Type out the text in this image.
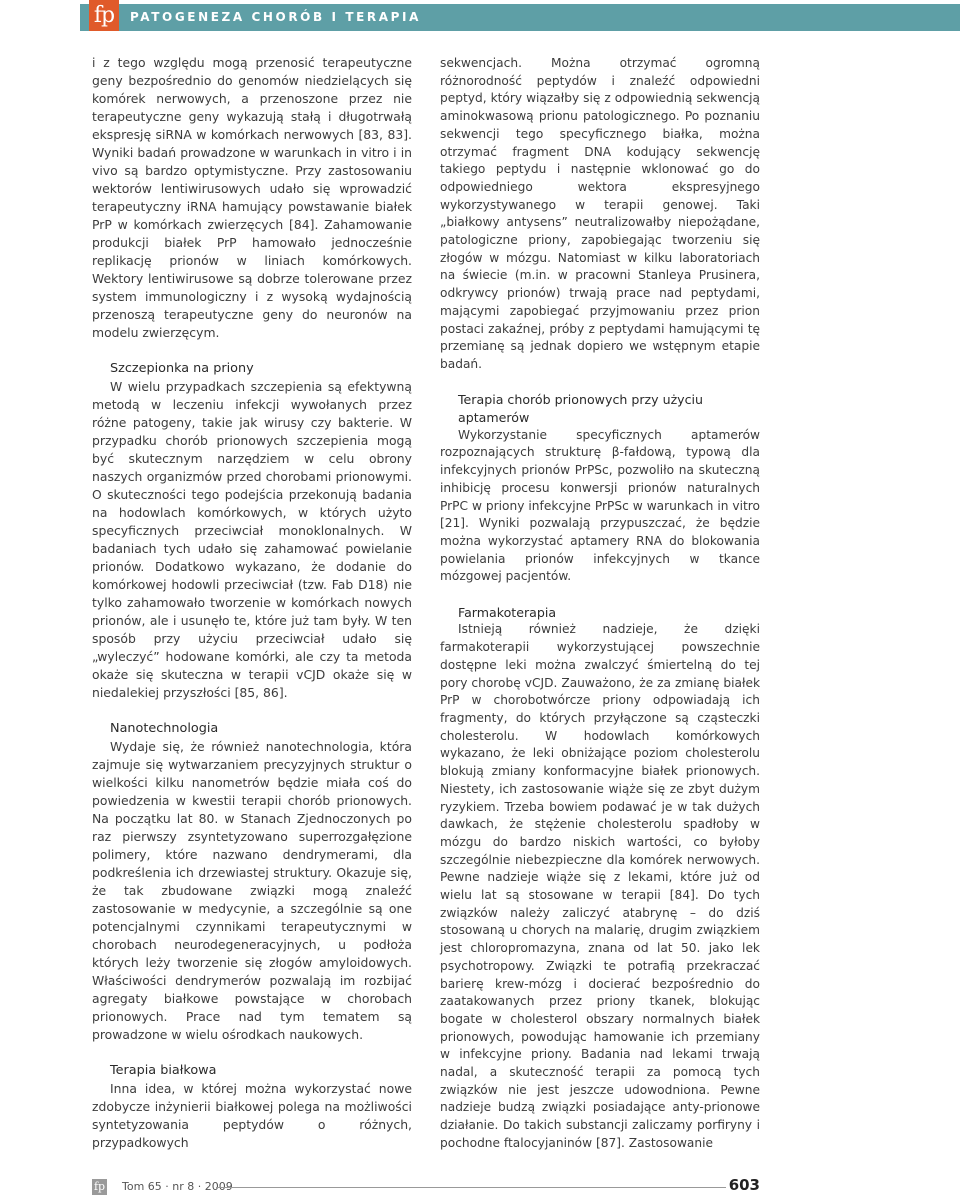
fp	PATOGENEZA CHORÓB I TERAPIA

i z tego względu mogą przenosić terapeutyczne geny bezpośrednio do genomów niedzielących się komórek nerwowych, a przenoszone przez nie terapeutyczne geny wykazują stałą i długotrwałą ekspresję siRNA w komórkach nerwowych [83, 83]. Wyniki badań prowadzone w warunkach in vitro i in vivo są bardzo optymistyczne. Przy zastosowaniu wektorów lentiwirusowych udało się wprowadzić terapeutyczny iRNA hamujący powstawanie białek PrP w komórkach zwierzęcych [84]. Zahamowanie produkcji białek PrP hamowało jednocześnie replikację prionów w liniach komórkowych. Wektory lentiwirusowe są dobrze tolerowane przez system immunologiczny i z wysoką wydajnością przenoszą terapeutyczne geny do neuronów na modelu zwierzęcym.

Szczepionka na priony

W wielu przypadkach szczepienia są efektywną metodą w leczeniu infekcji wywołanych przez różne patogeny, takie jak wirusy czy bakterie. W przypadku chorób prionowych szczepienia mogą być skutecznym narzędziem w celu obrony naszych organizmów przed chorobami prionowymi. O skuteczności tego podejścia przekonują badania na hodowlach komórkowych, w których użyto specyficznych przeciwciał monoklonalnych. W badaniach tych udało się zahamować powielanie prionów. Dodatkowo wykazano, że dodanie do komórkowej hodowli przeciwciał (tzw. Fab D18) nie tylko zahamowało tworzenie w komórkach nowych prionów, ale i usunęło te, które już tam były. W ten sposób przy użyciu przeciwciał udało się „wyleczyć” hodowane komórki, ale czy ta metoda okaże się skuteczna w terapii vCJD okaże się w niedalekiej przyszłości [85, 86].

Nanotechnologia

Wydaje się, że również nanotechnologia, która zajmuje się wytwarzaniem precyzyjnych struktur o wielkości kilku nanometrów będzie miała coś do powiedzenia w kwestii terapii chorób prionowych. Na początku lat 80. w Stanach Zjednoczonych po raz pierwszy zsyntetyzowano superrozgałęzione polimery, które nazwano dendrymerami, dla podkreślenia ich drzewiastej struktury. Okazuje się, że tak zbudowane związki mogą znaleźć zastosowanie w medycynie, a szczególnie są one potencjalnymi czynnikami terapeutycznymi w chorobach neurodegeneracyjnych, u podłoża których leży tworzenie się złogów amyloidowych. Właściwości dendrymerów pozwalają im rozbijać agregaty białkowe powstające w chorobach prionowych. Prace nad tym tematem są prowadzone w wielu ośrodkach naukowych.

Terapia białkowa

Inna idea, w której można wykorzystać nowe zdobycze inżynierii białkowej polega na możliwości syntetyzowania peptydów o różnych, przypadkowych

sekwencjach. Można otrzymać ogromną różnorodność peptydów i znaleźć odpowiedni peptyd, który wiązałby się z odpowiednią sekwencją aminokwasową prionu patologicznego. Po poznaniu sekwencji tego specyficznego białka, można otrzymać fragment DNA kodujący sekwencję takiego peptydu i następnie wklonować go do odpowiedniego wektora ekspresyjnego wykorzystywanego w terapii genowej. Taki „białkowy antysens” neutralizowałby niepożądane, patologiczne priony, zapobiegając tworzeniu się złogów w mózgu. Natomiast w kilku laboratoriach na świecie (m.in. w pracowni Stanleya Prusinera, odkrywcy prionów) trwają prace nad peptydami, mającymi zapobiegać przyjmowaniu przez prion postaci zakaźnej, próby z peptydami hamującymi tę przemianę są jednak dopiero we wstępnym etapie badań.

Terapia chorób prionowych przy użyciu aptamerów

Wykorzystanie specyficznych aptamerów rozpoznających strukturę β-fałdową, typową dla infekcyjnych prionów PrPSc, pozwoliło na skuteczną inhibicję procesu konwersji prionów naturalnych PrPC w priony infekcyjne PrPSc w warunkach in vitro [21]. Wyniki pozwalają przypuszczać, że będzie można wykorzystać aptamery RNA do blokowania powielania prionów infekcyjnych w tkance mózgowej pacjentów.

Farmakoterapia

Istnieją również nadzieje, że dzięki farmakoterapii wykorzystującej powszechnie dostępne leki można zwalczyć śmiertelną do tej pory chorobę vCJD. Zauważono, że za zmianę białek PrP w chorobotwórcze priony odpowiadają ich fragmenty, do których przyłączone są cząsteczki cholesterolu. W hodowlach komórkowych wykazano, że leki obniżające poziom cholesterolu blokują zmiany konformacyjne białek prionowych. Niestety, ich zastosowanie wiąże się ze zbyt dużym ryzykiem. Trzeba bowiem podawać je w tak dużych dawkach, że stężenie cholesterolu spadłoby w mózgu do bardzo niskich wartości, co byłoby szczególnie niebezpieczne dla komórek nerwowych. Pewne nadzieje wiąże się z lekami, które już od wielu lat są stosowane w terapii [84]. Do tych związków należy zaliczyć atabrynę – do dziś stosowaną u chorych na malarię, drugim związkiem jest chloropromazyna, znana od lat 50. jako lek psychotropowy. Związki te potrafią przekraczać barierę krew-mózg i docierać bezpośrednio do zaatakowanych przez priony tkanek, blokując bogate w cholesterol obszary normalnych białek prionowych, powodując hamowanie ich przemiany w infekcyjne priony. Badania nad lekami trwają nadal, a skuteczność terapii za pomocą tych związków nie jest jeszcze udowodniona. Pewne nadzieje budzą związki posiadające anty-prionowe działanie. Do takich substancji zaliczamy porfiryny i pochodne ftalocyjaninów [87]. Zastosowanie

fp Tom 65 · nr 8 · 2009	603
